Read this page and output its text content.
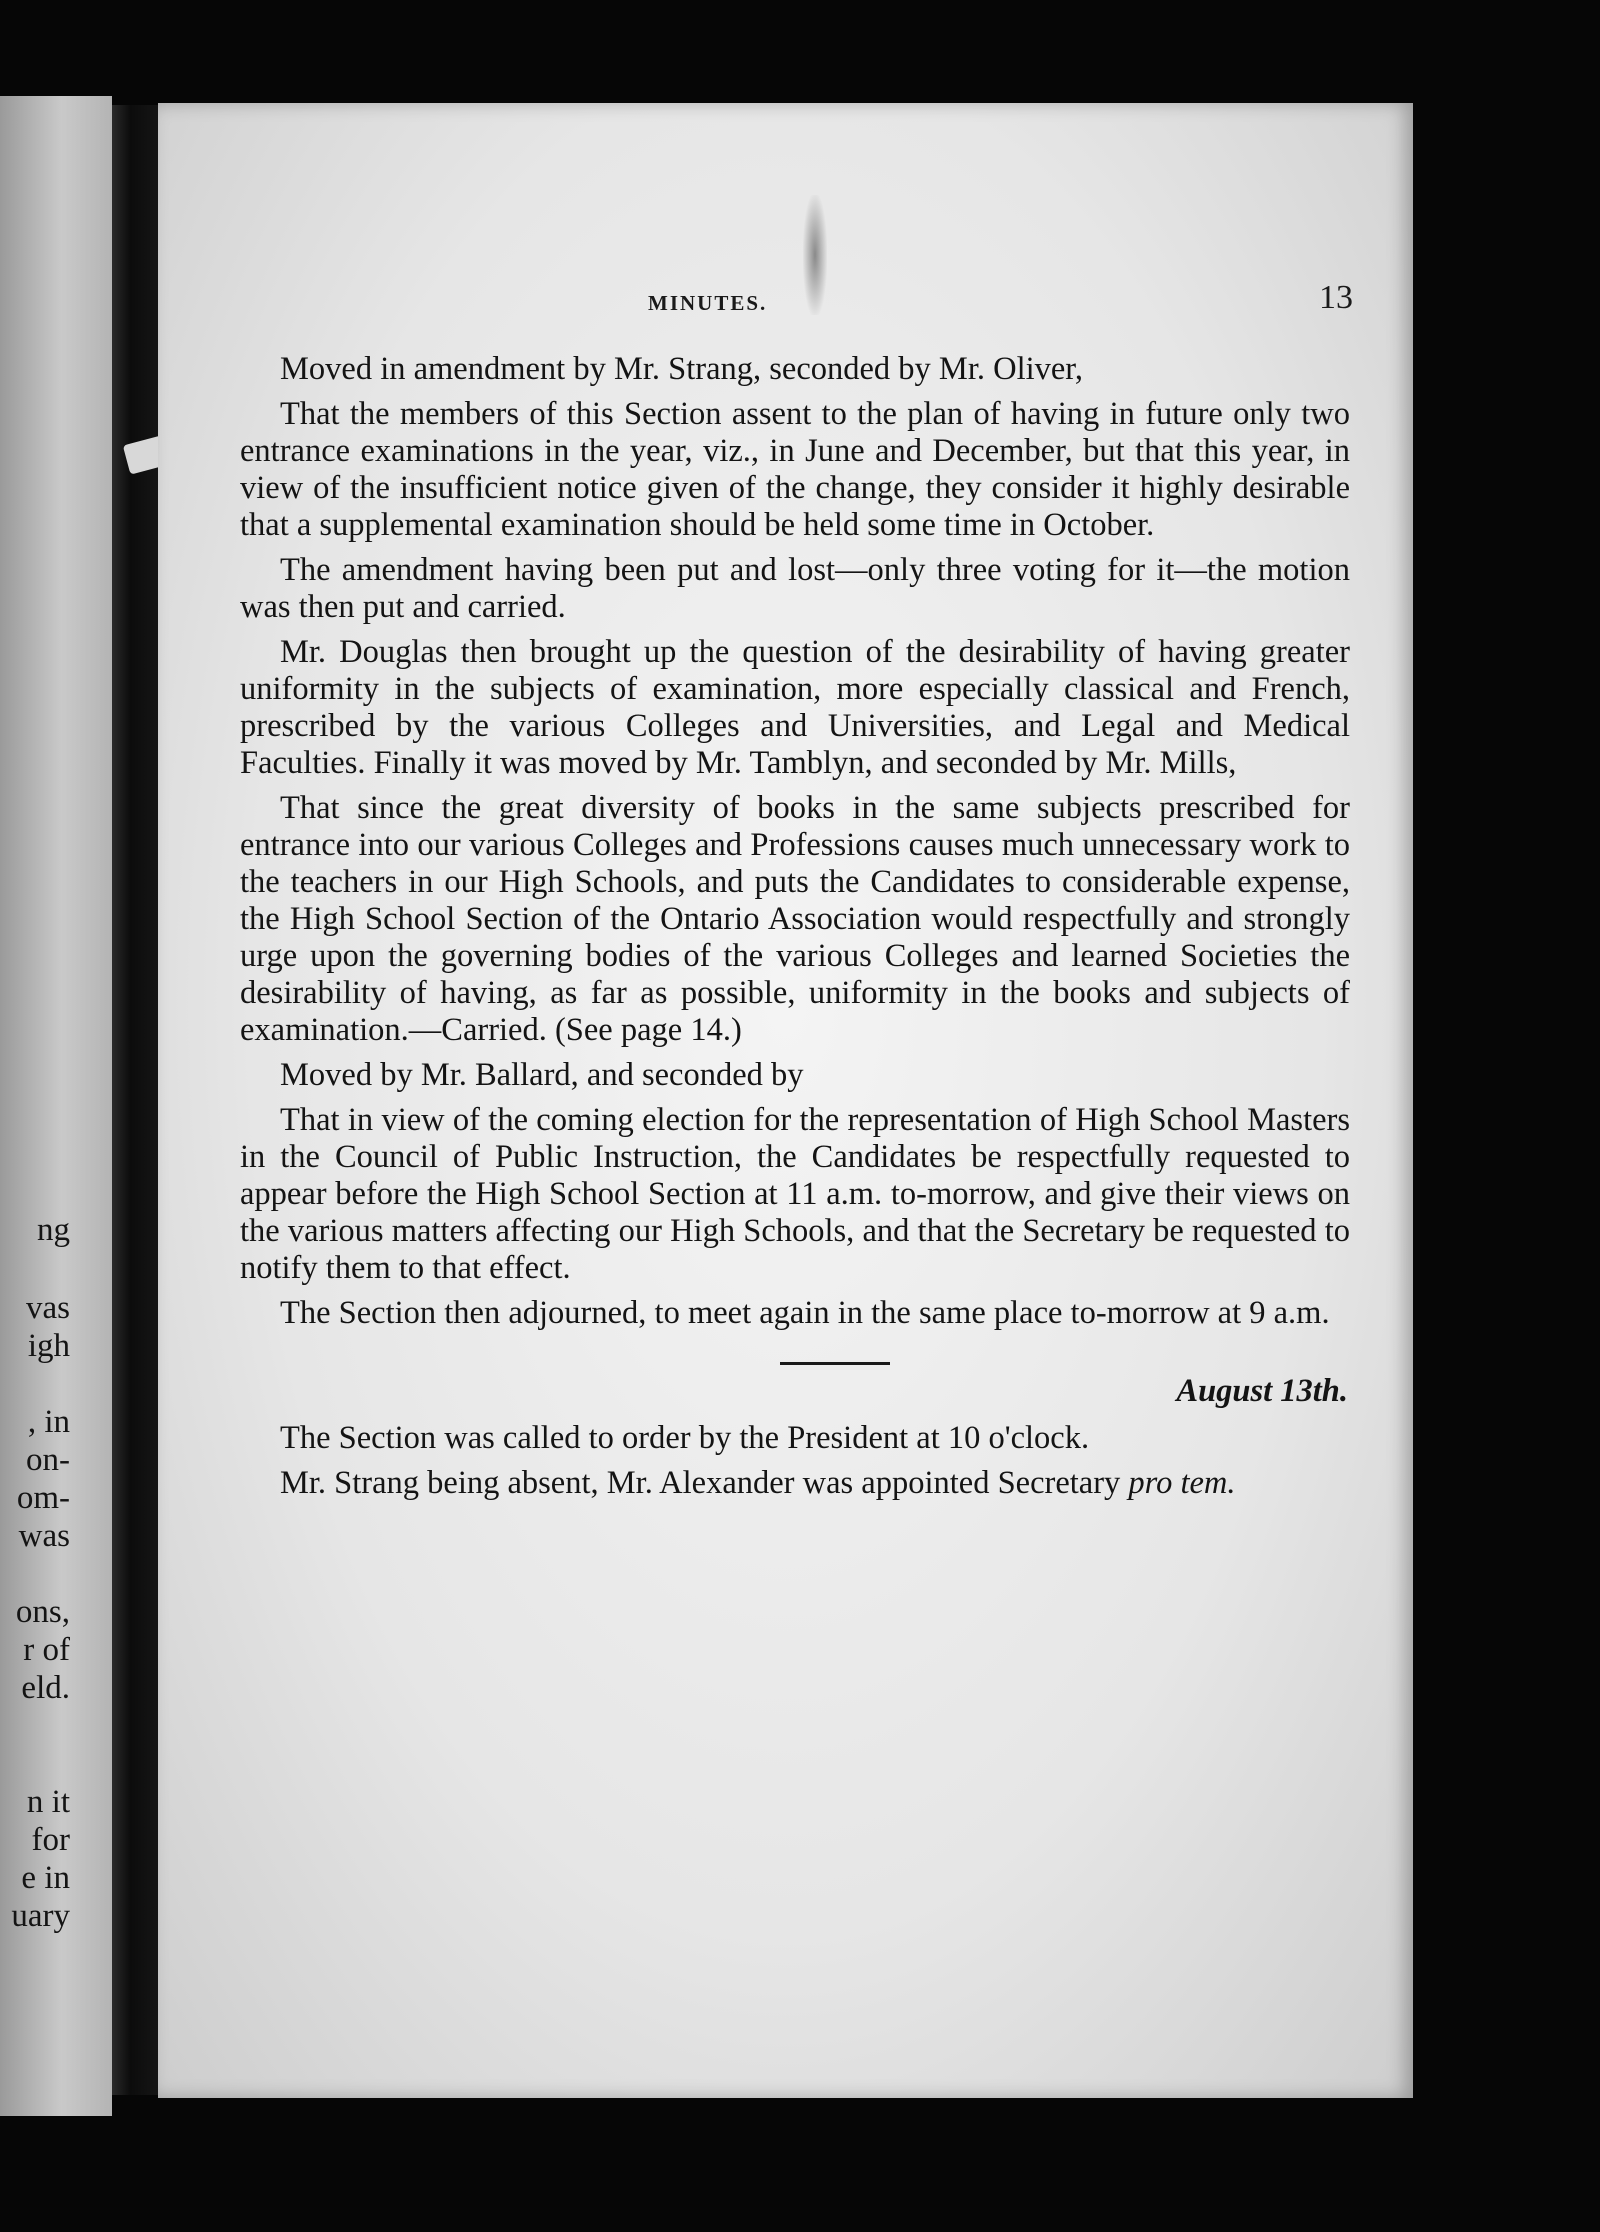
ng
vas
igh
, in
on-
om-
was
ons,
r of
eld.
n it
for
e in
uary
MINUTES.	13

Moved in amendment by Mr. Strang, seconded by Mr. Oliver,

That the members of this Section assent to the plan of having in future only two entrance examinations in the year, viz., in June and December, but that this year, in view of the insufficient notice given of the change, they consider it highly desirable that a supplemental examination should be held some time in October.

The amendment having been put and lost—only three voting for it—the motion was then put and carried.

Mr. Douglas then brought up the question of the desirability of having greater uniformity in the subjects of examination, more especially classical and French, prescribed by the various Colleges and Universities, and Legal and Medical Faculties. Finally it was moved by Mr. Tamblyn, and seconded by Mr. Mills,

That since the great diversity of books in the same subjects prescribed for entrance into our various Colleges and Professions causes much unnecessary work to the teachers in our High Schools, and puts the Candidates to considerable expense, the High School Section of the Ontario Association would respectfully and strongly urge upon the governing bodies of the various Colleges and learned Societies the desirability of having, as far as possible, uniformity in the books and subjects of examination.—Carried. (See page 14.)

Moved by Mr. Ballard, and seconded by

That in view of the coming election for the representation of High School Masters in the Council of Public Instruction, the Candidates be respectfully requested to appear before the High School Section at 11 a.m. to-morrow, and give their views on the various matters affecting our High Schools, and that the Secretary be requested to notify them to that effect.

The Section then adjourned, to meet again in the same place to-morrow at 9 a.m.

August 13th.

The Section was called to order by the President at 10 o'clock.

Mr. Strang being absent, Mr. Alexander was appointed Secretary pro tem.
